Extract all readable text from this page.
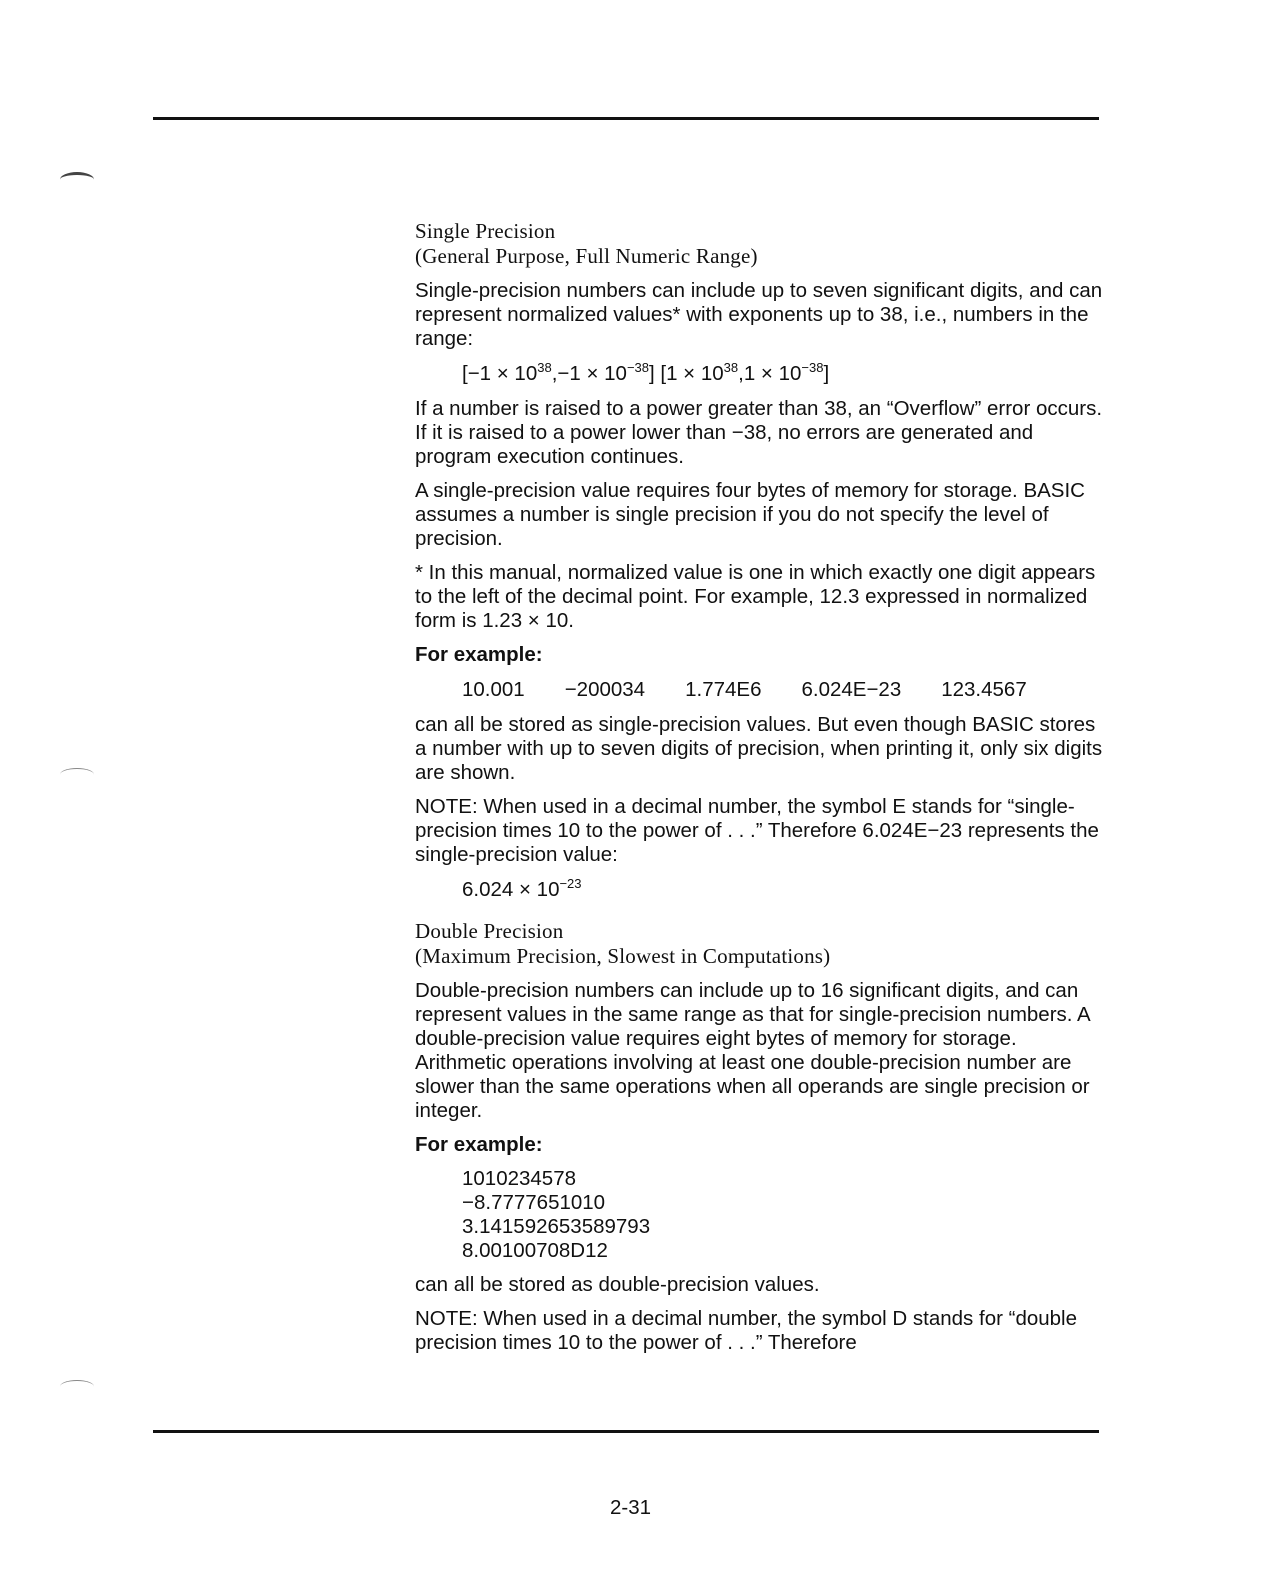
Single Precision
(General Purpose, Full Numeric Range)

Single-precision numbers can include up to seven significant digits, and can represent normalized values* with exponents up to 38, i.e., numbers in the range:

$[-1 \times 10^{38},-1 \times 10^{-38}]$ $[1 \times 10^{38},1 \times 10^{-38}]$

If a number is raised to a power greater than 38, an “Overflow” error occurs. If it is raised to a power lower than −38, no errors are generated and program execution continues.

A single-precision value requires four bytes of memory for storage. BASIC assumes a number is single precision if you do not specify the level of precision.

* In this manual, normalized value is one in which exactly one digit appears to the left of the decimal point. For example, 12.3 expressed in normalized form is 1.23 × 10.

For example:
10.001 −200034 1.774E6 6.024E−23 123.4567

can all be stored as single-precision values. But even though BASIC stores a number with up to seven digits of precision, when printing it, only six digits are shown.

NOTE: When used in a decimal number, the symbol E stands for “single-precision times 10 to the power of . . .” Therefore 6.024E−23 represents the single-precision value:

$6.024 \times 10^{-23}$
Double Precision
(Maximum Precision, Slowest in Computations)

Double-precision numbers can include up to 16 significant digits, and can represent values in the same range as that for single-precision numbers. A double-precision value requires eight bytes of memory for storage. Arithmetic operations involving at least one double-precision number are slower than the same operations when all operands are single precision or integer.

For example:
1010234578
−8.7777651010
3.141592653589793
8.00100708D12

can all be stored as double-precision values.

NOTE: When used in a decimal number, the symbol D stands for “double precision times 10 to the power of . . .” Therefore

2-31
